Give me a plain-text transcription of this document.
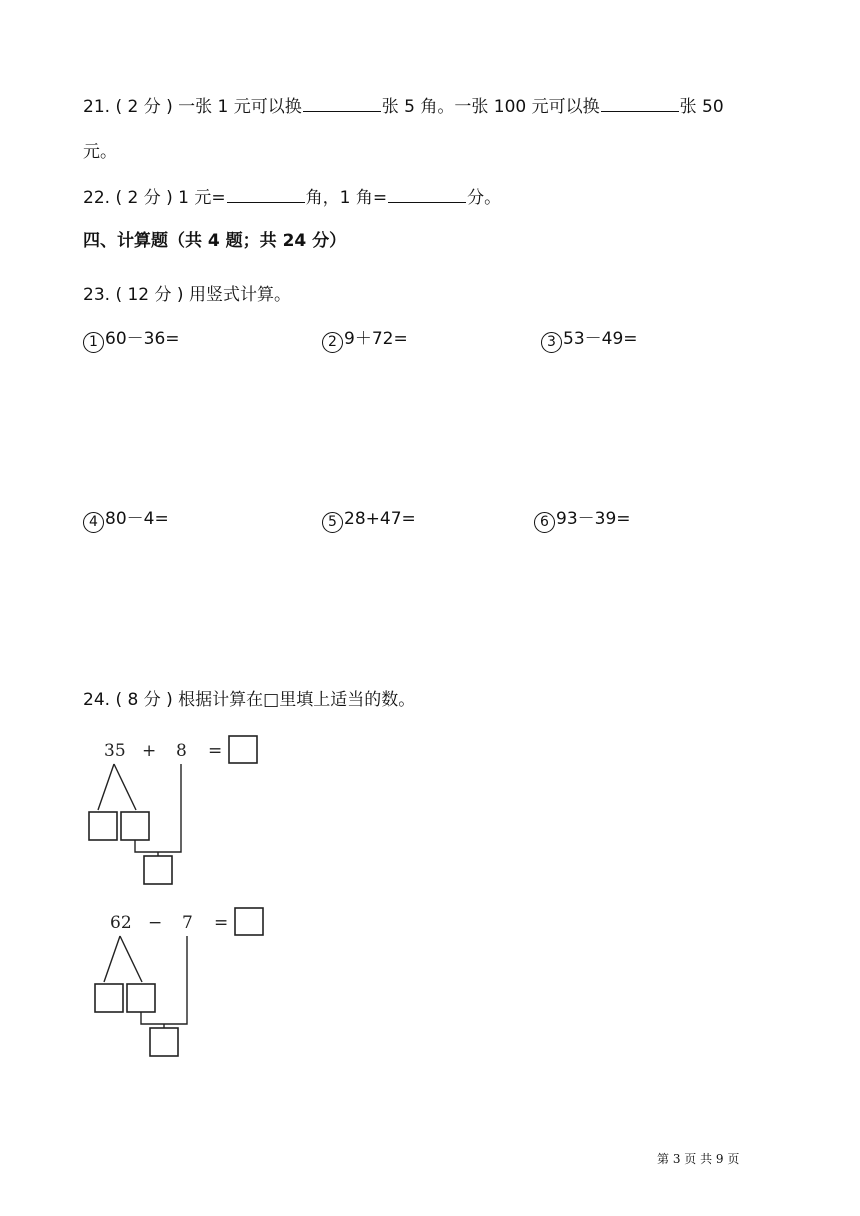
21. ( 2 分 ) 一张 1 元可以换	张 5 角。一张 100 元可以换	张 50
元。
22. ( 2 分 ) 1 元=	角，1 角=	分。
四、计算题（共 4 题；共 24 分）
23. ( 12 分 ) 用竖式计算。
1 60－36=	2 9＋72=	3 53－49=
4 80－4=	5 28+47=	6 93－39=
24. ( 8 分 ) 根据计算在□里填上适当的数。
35 + 8 =
62 − 7 =
第 3 页 共 9 页
